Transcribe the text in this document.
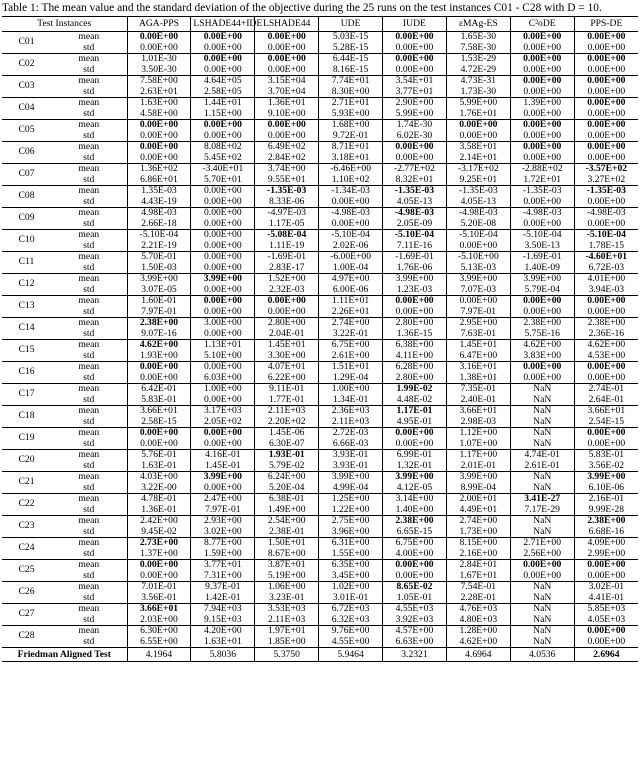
Table 1: The mean value and the standard deviation of the objective during the 25 runs on the test instances C01 - C28 with D = 10.
Test Instances		AGA-PPS	LSHADE44+IDE	LSHADE44	UDE	IUDE	εMAg-ES	C²oDE	PPS-DE
C01	mean	0.00E+00	0.00E+00	0.00E+00	5.03E-15	0.00E+00	1.65E-30	0.00E+00	0.00E+00
	std	0.00E+00	0.00E+00	0.00E+00	5.28E-15	0.00E+00	7.58E-30	0.00E+00	0.00E+00
C02	mean	1.01E-30	0.00E+00	0.00E+00	6.44E-15	0.00E+00	1.53E-29	0.00E+00	0.00E+00
	std	3.50E-30	0.00E+00	0.00E+00	8.16E-15	0.00E+00	4.72E-29	0.00E+00	0.00E+00
C03	mean	7.58E+00	4.64E+05	3.15E+04	7.74E+01	3.54E+01	4.73E-31	0.00E+00	0.00E+00
	std	2.63E+01	2.58E+05	3.70E+04	8.30E+00	3.77E+01	1.73E-30	0.00E+00	0.00E+00
C04	mean	1.63E+00	1.44E+01	1.36E+01	2.71E+01	2.90E+00	5.99E+00	1.39E+00	0.00E+00
	std	4.58E+00	1.15E+00	9.10E+00	5.93E+00	5.99E+00	1.76E+01	0.00E+00	0.00E+00
C05	mean	0.00E+00	0.00E+00	0.00E+00	1.68E+00	1.74E-30	0.00E+00	0.00E+00	0.00E+00
	std	0.00E+00	0.00E+00	0.00E+00	9.72E-01	6.02E-30	0.00E+00	0.00E+00	0.00E+00
C06	mean	0.00E+00	8.08E+02	6.49E+02	8.71E+01	0.00E+00	3.58E+01	0.00E+00	0.00E+00
	std	0.00E+00	5.45E+02	2.84E+02	3.18E+01	0.00E+00	2.14E+01	0.00E+00	0.00E+00
C07	mean	1.36E+02	-3.40E+01	3.74E+00	-6.46E+00	-2.77E+02	-3.17E+02	-2.88E+02	-3.57E+02
	std	6.86E+01	5.70E+01	9.55E+01	1.10E+02	8.32E+01	9.25E+01	1.72E+01	3.27E+02
C08	mean	1.35E-03	0.00E+00	-1.35E-03	-1.34E-03	-1.35E-03	-1.35E-03	-1.35E-03	-1.35E-03
	std	4.43E-19	0.00E+00	8.33E-06	0.00E+00	4.05E-13	4.05E-13	0.00E+00	0.00E+00
C09	mean	4.98E-03	0.00E+00	-4.97E-03	-4.98E-03	-4.98E-03	-4.98E-03	-4.98E-03	-4.98E-03
	std	2.66E-18	0.00E+00	1.17E-05	0.00E+00	2.05E-09	5.20E-08	0.00E+00	0.00E+00
C10	mean	-5.10E-04	0.00E+00	-5.08E-04	-5.10E-04	-5.10E-04	-5.10E-04	-5.10E-04	-5.10E-04
	std	2.21E-19	0.00E+00	1.11E-19	2.02E-06	7.11E-16	0.00E+00	3.50E-13	1.78E-15
C11	mean	5.70E-01	0.00E+00	-1.69E-01	-6.00E+00	-1.69E-01	-5.10E+00	-1.69E-01	-4.60E+01
	std	1.50E-03	0.00E+00	2.83E-17	1.00E-04	1.76E-06	5.13E-03	1.40E-09	6.72E-03
C12	mean	3.99E+00	3.99E+00	1.52E+00	4.97E+00	3.99E+00	3.99E+00	3.99E+00	4.01E+00
	std	3.07E-05	0.00E+00	2.32E-03	6.00E-06	1.23E-03	7.07E-03	5.79E-04	3.94E-03
C13	mean	1.60E-01	0.00E+00	0.00E+00	1.11E+01	0.00E+00	0.00E+00	0.00E+00	0.00E+00
	std	7.97E-01	0.00E+00	0.00E+00	2.26E+01	0.00E+00	7.97E-01	0.00E+00	0.00E+00
C14	mean	2.38E+00	3.00E+00	2.80E+00	2.74E+00	2.80E+00	2.95E+00	2.38E+00	2.38E+00
	std	9.07E-16	0.00E+00	2.04E-01	3.22E-01	1.36E-15	7.63E-01	5.75E-16	2.36E-16
C15	mean	4.62E+00	1.13E+01	1.45E+01	6.75E+00	6.38E+00	1.45E+01	4.62E+00	4.62E+00
	std	1.93E+00	5.10E+00	3.30E+00	2.61E+00	4.11E+00	6.47E+00	3.83E+00	4.53E+00
C16	mean	0.00E+00	0.00E+00	4.07E+01	1.51E+01	6.28E+00	3.16E+01	0.00E+00	0.00E+00
	std	0.00E+00	6.03E+00	6.22E+00	1.29E-04	2.80E+00	1.38E+01	0.00E+00	0.00E+00
C17	mean	6.42E-01	1.00E+00	9.11E-01	1.00E+00	1.99E-02	7.35E-01	NaN	2.74E-01
	std	5.83E-01	0.00E+00	1.77E-01	1.34E-01	4.48E-02	2.40E-01	NaN	2.64E-01
C18	mean	3.66E+01	3.17E+03	2.11E+03	2.36E+03	1.17E-01	3.66E+01	NaN	3.66E+01
	std	2.58E-15	2.05E+02	2.20E+02	2.11E+03	4.95E-01	2.98E-03	NaN	2.54E-15
C19	mean	0.00E+00	0.00E+00	1.45E-06	2.72E-03	0.00E+00	1.12E+00	NaN	0.00E+00
	std	0.00E+00	0.00E+00	6.30E-07	6.66E-03	0.00E+00	1.07E+00	NaN	0.00E+00
C20	mean	5.76E-01	4.16E-01	1.93E-01	3.93E-01	6.99E-01	1.17E+00	4.74E-01	5.83E-01
	std	1.63E-01	1.45E-01	5.79E-02	3.93E-01	1.32E-01	2.01E-01	2.61E-01	3.56E-02
C21	mean	4.03E+00	3.99E+00	6.24E+00	3.99E+00	3.99E+00	3.99E+00	NaN	3.99E+00
	std	3.22E-00	0.00E+00	5.20E-04	4.99E-04	4.12E-05	8.99E-04	NaN	6.10E-06
C22	mean	4.78E-01	2.47E+00	6.38E-01	1.25E+00	3.14E+00	2.00E+01	3.41E-27	2.16E-01
	std	1.36E-01	7.97E-01	1.49E+00	1.22E+00	1.40E+00	4.49E+01	7.17E-29	9.99E-28
C23	mean	2.42E+00	2.93E+00	2.54E+00	2.75E+00	2.38E+00	2.74E+00	NaN	2.38E+00
	std	9.45E-02	3.02E+00	2.38E-01	3.96E+00	6.65E-15	1.73E+00	NaN	6.68E-16
C24	mean	2.73E+00	8.77E+00	1.50E+01	6.31E+00	6.75E+00	8.15E+00	2.71E+00	4.09E+00
	std	1.37E+00	1.59E+00	8.67E+00	1.55E+00	4.00E+00	2.16E+00	2.56E+00	2.99E+00
C25	mean	0.00E+00	3.77E+01	3.87E+01	6.35E+00	0.00E+00	2.84E+01	0.00E+00	0.00E+00
	std	0.00E+00	7.31E+00	5.19E+00	3.45E+00	0.00E+00	1.67E+01	0.00E+00	0.00E+00
C26	mean	7.01E-01	9.37E-01	1.06E+00	1.02E+00	8.65E-02	7.54E-01	NaN	3.02E-01
	std	3.56E-01	1.42E-01	3.23E-01	3.01E-01	1.05E-01	2.28E-01	NaN	4.41E-01
C27	mean	3.66E+01	7.94E+03	3.53E+03	6.72E+03	4.55E+03	4.76E+03	NaN	5.85E+03
	std	2.03E+00	9.15E+03	2.11E+03	6.32E+03	3.92E+03	4.80E+03	NaN	4.05E+03
C28	mean	6.30E+00	4.20E+00	1.97E+01	9.76E+00	4.57E+00	1.28E+00	NaN	0.00E+00
	std	6.55E+00	1.63E+01	1.85E+00	4.55E+00	6.63E+00	4.62E+00	NaN	0.00E+00
Friedman Aligned Test		4.1964	5.8036	5.3750	5.9464	3.2321	4.6964	4.0536	2.6964
